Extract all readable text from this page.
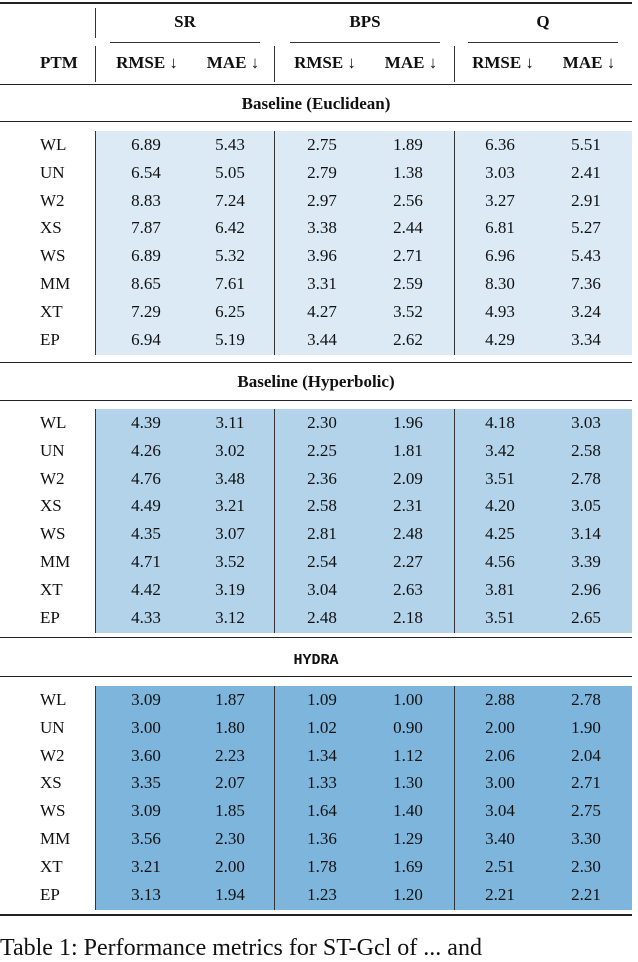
SR	BPS	Q
PTM	RMSE ↓	MAE ↓	RMSE ↓	MAE ↓	RMSE ↓	MAE ↓
Baseline (Euclidean)
WL	6.89	5.43	2.75	1.89	6.36	5.51
UN	6.54	5.05	2.79	1.38	3.03	2.41
W2	8.83	7.24	2.97	2.56	3.27	2.91
XS	7.87	6.42	3.38	2.44	6.81	5.27
WS	6.89	5.32	3.96	2.71	6.96	5.43
MM	8.65	7.61	3.31	2.59	8.30	7.36
XT	7.29	6.25	4.27	3.52	4.93	3.24
EP	6.94	5.19	3.44	2.62	4.29	3.34
Baseline (Hyperbolic)
WL	4.39	3.11	2.30	1.96	4.18	3.03
UN	4.26	3.02	2.25	1.81	3.42	2.58
W2	4.76	3.48	2.36	2.09	3.51	2.78
XS	4.49	3.21	2.58	2.31	4.20	3.05
WS	4.35	3.07	2.81	2.48	4.25	3.14
MM	4.71	3.52	2.54	2.27	4.56	3.39
XT	4.42	3.19	3.04	2.63	3.81	2.96
EP	4.33	3.12	2.48	2.18	3.51	2.65
HYDRA
WL	3.09	1.87	1.09	1.00	2.88	2.78
UN	3.00	1.80	1.02	0.90	2.00	1.90
W2	3.60	2.23	1.34	1.12	2.06	2.04
XS	3.35	2.07	1.33	1.30	3.00	2.71
WS	3.09	1.85	1.64	1.40	3.04	2.75
MM	3.56	2.30	1.36	1.29	3.40	3.30
XT	3.21	2.00	1.78	1.69	2.51	2.30
EP	3.13	1.94	1.23	1.20	2.21	2.21
Table 1: Performance metrics for ST-Gcl of ... and
